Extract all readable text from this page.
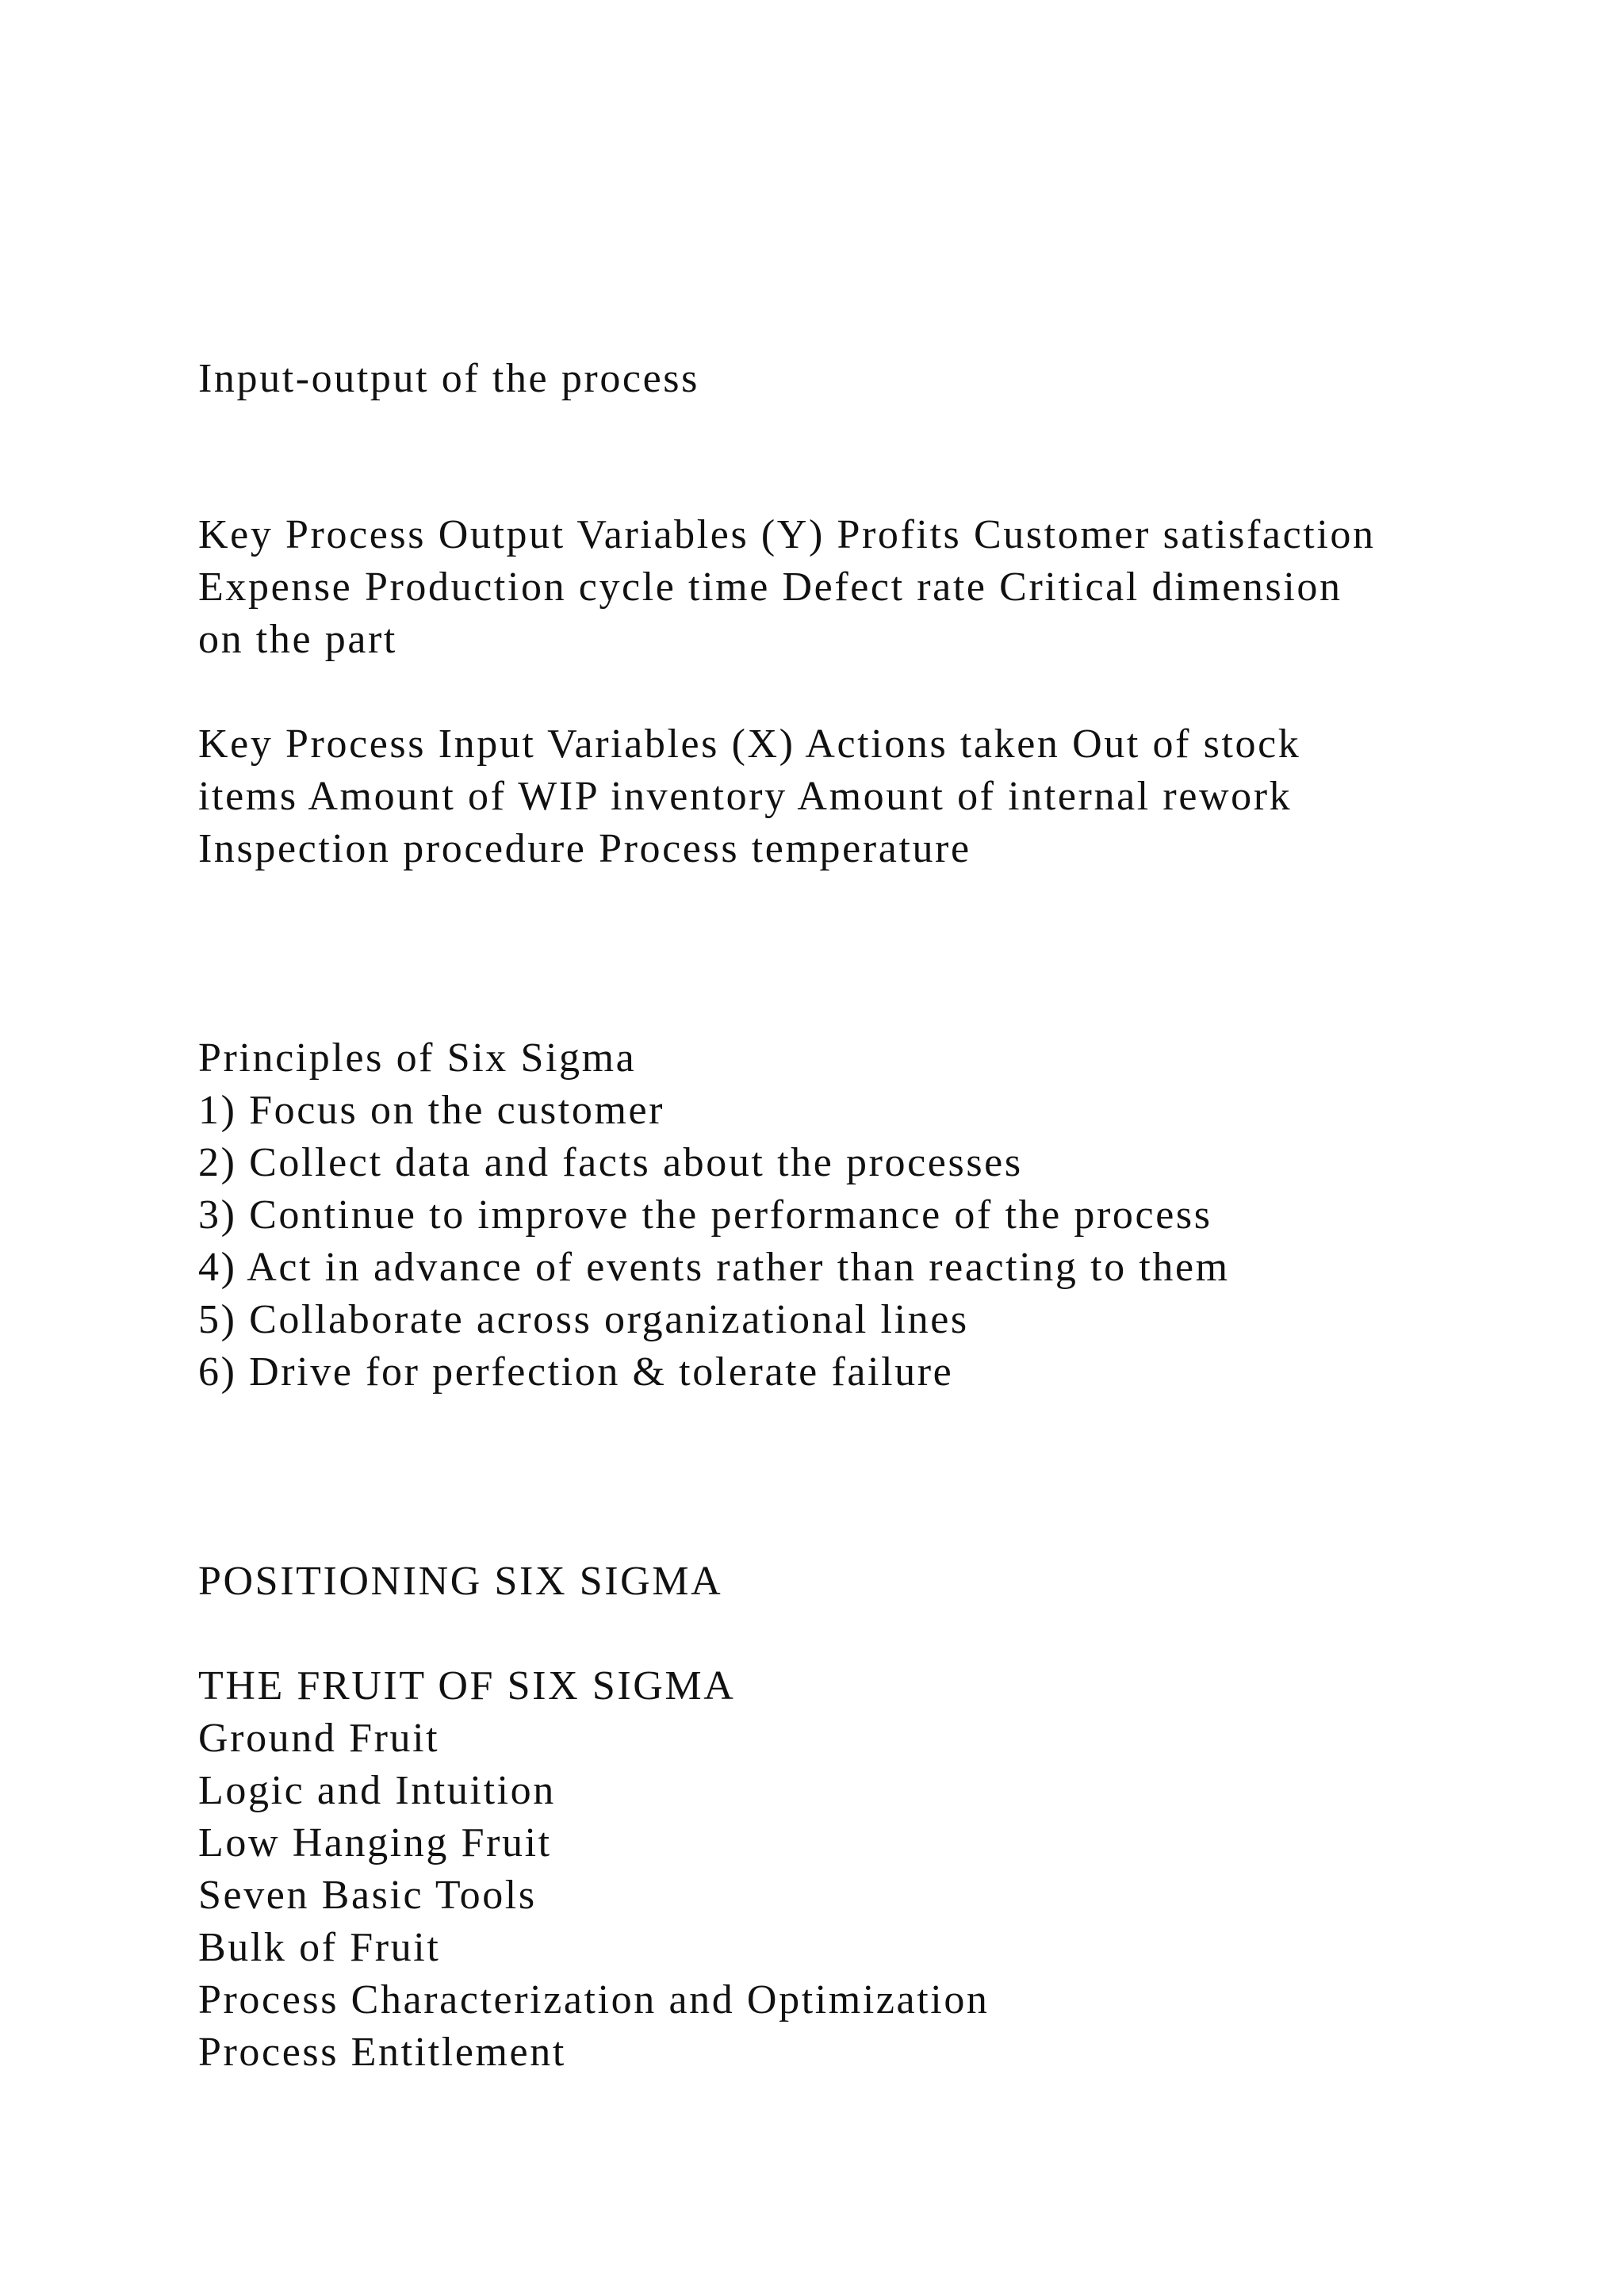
Input-output of the process
Key Process Output Variables (Y) Profits Customer satisfaction
Expense Production cycle time Defect rate Critical dimension
on the part
Key Process Input Variables (X) Actions taken Out of stock
items Amount of WIP inventory Amount of internal rework
Inspection procedure Process temperature
Principles of Six Sigma
1) Focus on the customer
2) Collect data and facts about the processes
3) Continue to improve the performance of the process
4) Act in advance of events rather than reacting to them
5) Collaborate across organizational lines
6) Drive for perfection & tolerate failure
POSITIONING SIX SIGMA
THE FRUIT OF SIX SIGMA
Ground Fruit
Logic and Intuition
Low Hanging Fruit
Seven Basic Tools
Bulk of Fruit
Process Characterization and Optimization
Process Entitlement
